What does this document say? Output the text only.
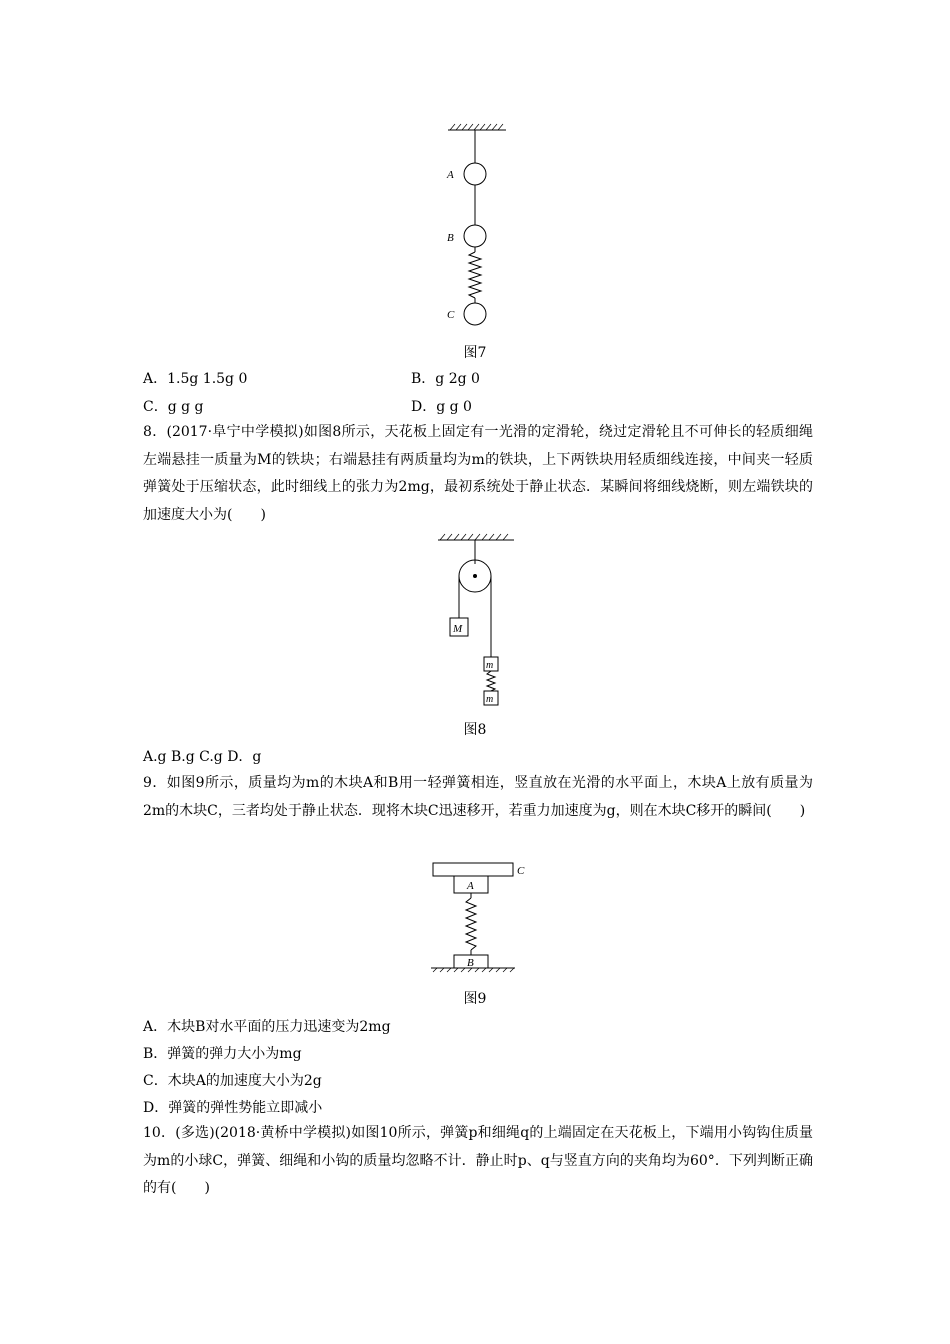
A
B
C
图7
A．1.5g 1.5g 0	B．g 2g 0
C．g g g	D．g g 0
8．(2017·阜宁中学模拟)如图8所示，天花板上固定有一光滑的定滑轮，绕过定滑轮且不可伸长的轻质细绳左端悬挂一质量为M的铁块；右端悬挂有两质量均为m的铁块，上下两铁块用轻质细线连接，中间夹一轻质弹簧处于压缩状态，此时细线上的张力为2mg，最初系统处于静止状态．某瞬间将细线烧断，则左端铁块的加速度大小为(　　)
M
m
m
图8
A.g B.g C.g D．g
9．如图9所示，质量均为m的木块A和B用一轻弹簧相连，竖直放在光滑的水平面上，木块A上放有质量为2m的木块C，三者均处于静止状态．现将木块C迅速移开，若重力加速度为g，则在木块C移开的瞬间(　　)
C
A
B
图9
A．木块B对水平面的压力迅速变为2mg
B．弹簧的弹力大小为mg
C．木块A的加速度大小为2g
D．弹簧的弹性势能立即减小
10．(多选)(2018·黄桥中学模拟)如图10所示，弹簧p和细绳q的上端固定在天花板上，下端用小钩钩住质量为m的小球C，弹簧、细绳和小钩的质量均忽略不计．静止时p、q与竖直方向的夹角均为60°．下列判断正确的有(　　)
